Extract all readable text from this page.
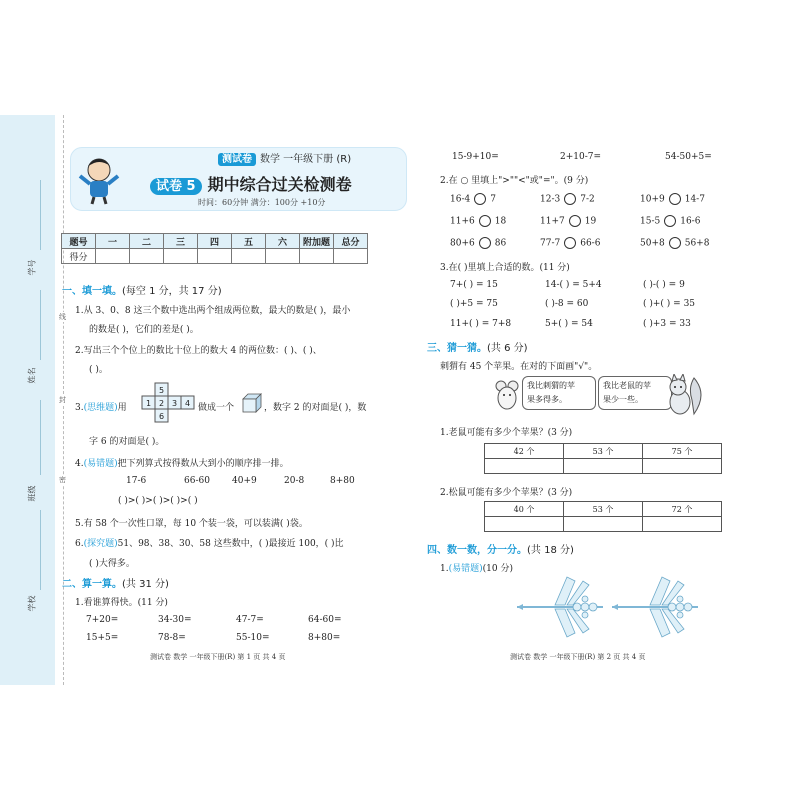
学号
姓名
班级
学校
线
封
密
测试卷 数学 一年级下册 (R)
试卷 5 期中综合过关检测卷
时间：60分钟 满分：100分 +10分
题号	一	二	三	四	五	六	附加题	总分
得分								
一、填一填。(每空 1 分，共 17 分)
1.从 3、0、8 这三个数中选出两个组成两位数，最大的数是( )，最小
的数是( )，它们的差是( )。
2.写出三个个位上的数比十位上的数大 4 的两位数：( )、( )、
( )。
3.(思维题)用
5
1 2 3 4
6
做成一个	，数字 2 的对面是( )，数
字 6 的对面是( )。
4.(易错题)把下列算式按得数从大到小的顺序排一排。
17-6	66-60 40+9	20-8	8+80
( )>( )>( )>( )>( )
5.有 58 个一次性口罩，每 10 个装一袋，可以装满( )袋。
6.(探究题)51、98、38、30、58 这些数中，( )最接近 100，( )比
( )大得多。
二、算一算。(共 31 分)
1.看谁算得快。(11 分)
7+20=	34-30=	47-7=	64-60=
15+5=	78-8=	55-10=	8+80=
测试卷 数学 一年级下册(R) 第 1 页 共 4 页
15-9+10=	2+10-7=	54-50+5=
2.在 ○ 里填上">""<"或"="。(9 分)
16-4 7	12-3 7-2	10+9 14-7
11+6 18	11+7 19	15-5 16-6
80+6 86	77-7 66-6	50+8 56+8
3.在( )里填上合适的数。(11 分)
7+( ) = 15	14-( ) = 5+4	( )-( ) = 9
( )+5 = 75	( )-8 = 60	( )+( ) = 35
11+( ) = 7+8	5+( ) = 54	( )+3 = 33
三、猜一猜。(共 6 分)
刺猬有 45 个苹果。在对的下面画"√"。
我比刺猬的苹
果多得多。
我比老鼠的苹
果少一些。
1.老鼠可能有多少个苹果？(3 分)
42 个	53 个	75 个

2.松鼠可能有多少个苹果？(3 分)
40 个	53 个	72 个

四、数一数，分一分。(共 18 分)
1.(易错题)(10 分)
测试卷 数学 一年级下册(R) 第 2 页 共 4 页
